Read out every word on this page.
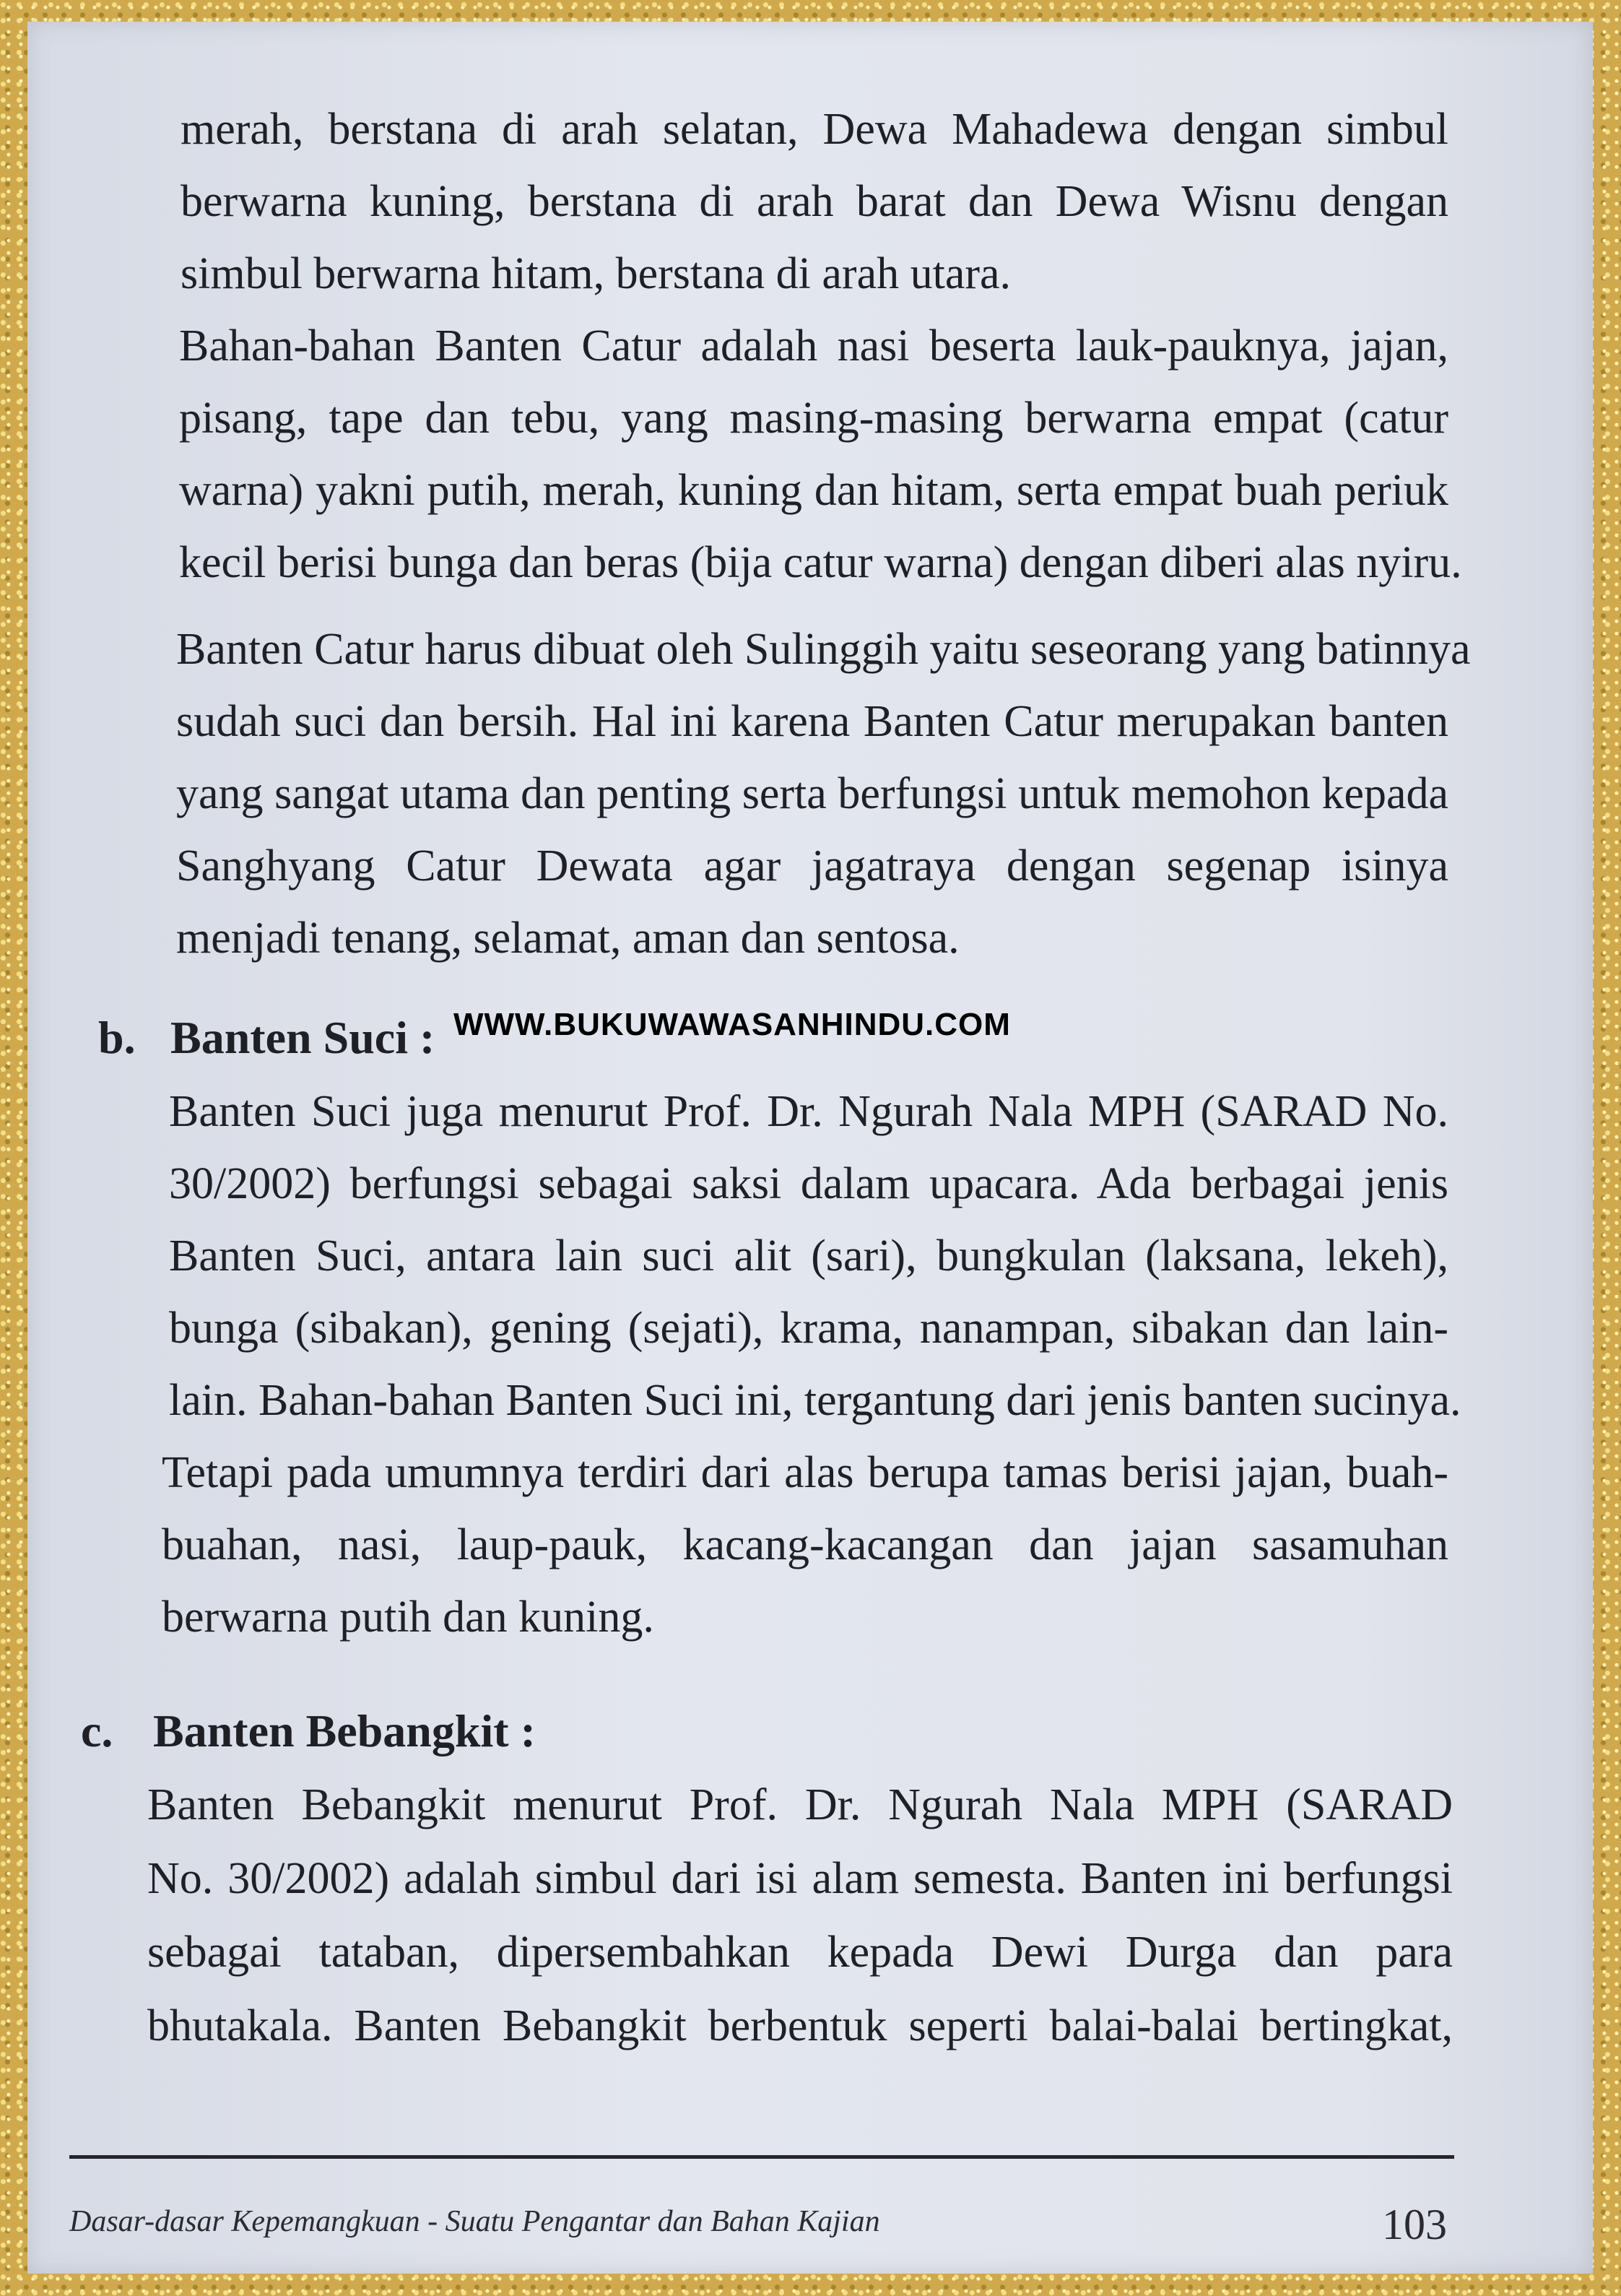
merah, berstana di arah selatan, Dewa Mahadewa dengan simbul
berwarna kuning, berstana di arah barat dan Dewa Wisnu dengan
simbul berwarna hitam, berstana di arah utara.
Bahan-bahan Banten Catur adalah nasi beserta lauk-pauknya, jajan,
pisang, tape dan tebu, yang masing-masing berwarna empat (catur
warna) yakni putih, merah, kuning dan hitam, serta empat buah periuk
kecil berisi bunga dan beras (bija catur warna) dengan diberi alas nyiru.
Banten Catur harus dibuat oleh Sulinggih yaitu seseorang yang batinnya
sudah suci dan bersih. Hal ini karena Banten Catur merupakan banten
yang sangat utama dan penting serta berfungsi untuk memohon kepada
Sanghyang Catur Dewata agar jagatraya dengan segenap isinya
menjadi tenang, selamat, aman dan sentosa.
WWW.BUKUWAWASANHINDU.COM
b. Banten Suci :
Banten Suci juga menurut Prof. Dr. Ngurah Nala MPH (SARAD No.
30/2002) berfungsi sebagai saksi dalam upacara. Ada berbagai jenis
Banten Suci, antara lain suci alit (sari), bungkulan (laksana, lekeh),
bunga (sibakan), gening (sejati), krama, nanampan, sibakan dan lain-
lain. Bahan-bahan Banten Suci ini, tergantung dari jenis banten sucinya.
Tetapi pada umumnya terdiri dari alas berupa tamas berisi jajan, buah-
buahan, nasi, laup-pauk, kacang-kacangan dan jajan sasamuhan
berwarna putih dan kuning.
c. Banten Bebangkit :
Banten Bebangkit menurut Prof. Dr. Ngurah Nala MPH (SARAD
No. 30/2002) adalah simbul dari isi alam semesta. Banten ini berfungsi
sebagai tataban, dipersembahkan kepada Dewi Durga dan para
bhutakala. Banten Bebangkit berbentuk seperti balai-balai bertingkat,
Dasar-dasar Kepemangkuan - Suatu Pengantar dan Bahan Kajian	103
